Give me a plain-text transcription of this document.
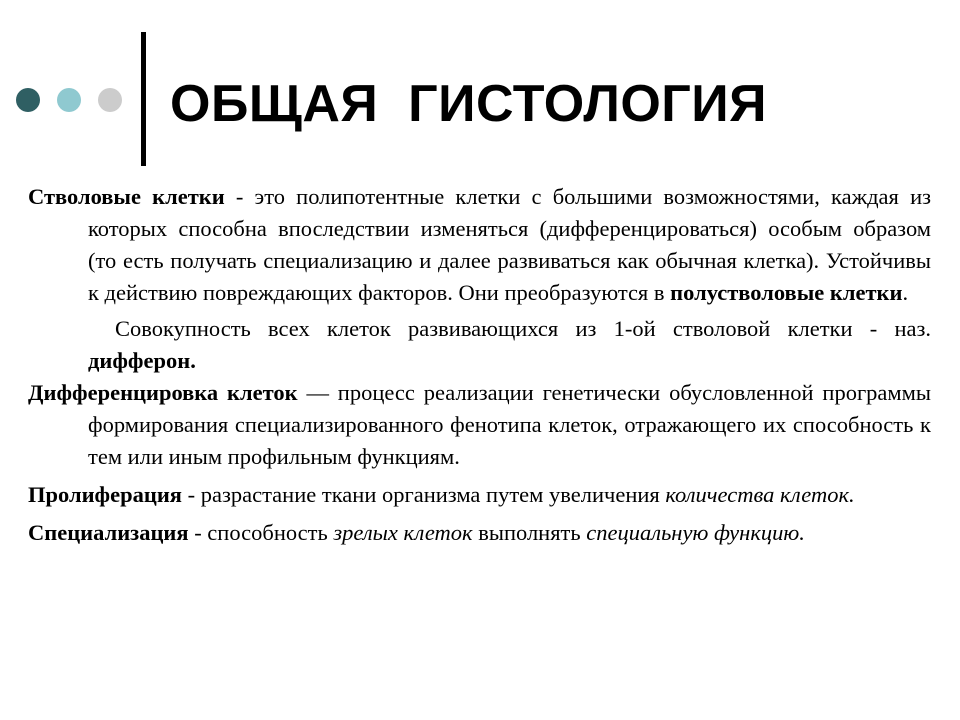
ОБЩАЯ  ГИСТОЛОГИЯ

Стволовые клетки - это полипотентные клетки с большими возможностями, каждая из которых способна впоследствии изменяться (дифференцироваться) особым образом (то есть получать специализацию и далее развиваться как обычная клетка). Устойчивы к действию повреждающих факторов. Они преобразуются в полустволовые клетки.

Совокупность всех клеток развивающихся из 1-ой стволовой клетки - наз. дифферон.

Дифференцировка клеток — процесс реализации генетически обусловленной программы формирования специализированного фенотипа клеток, отражающего их способность к тем или иным профильным функциям.

Пролиферация - разрастание ткани организма путем увеличения количества клеток.

Специализация - способность зрелых клеток выполнять специальную функцию.
